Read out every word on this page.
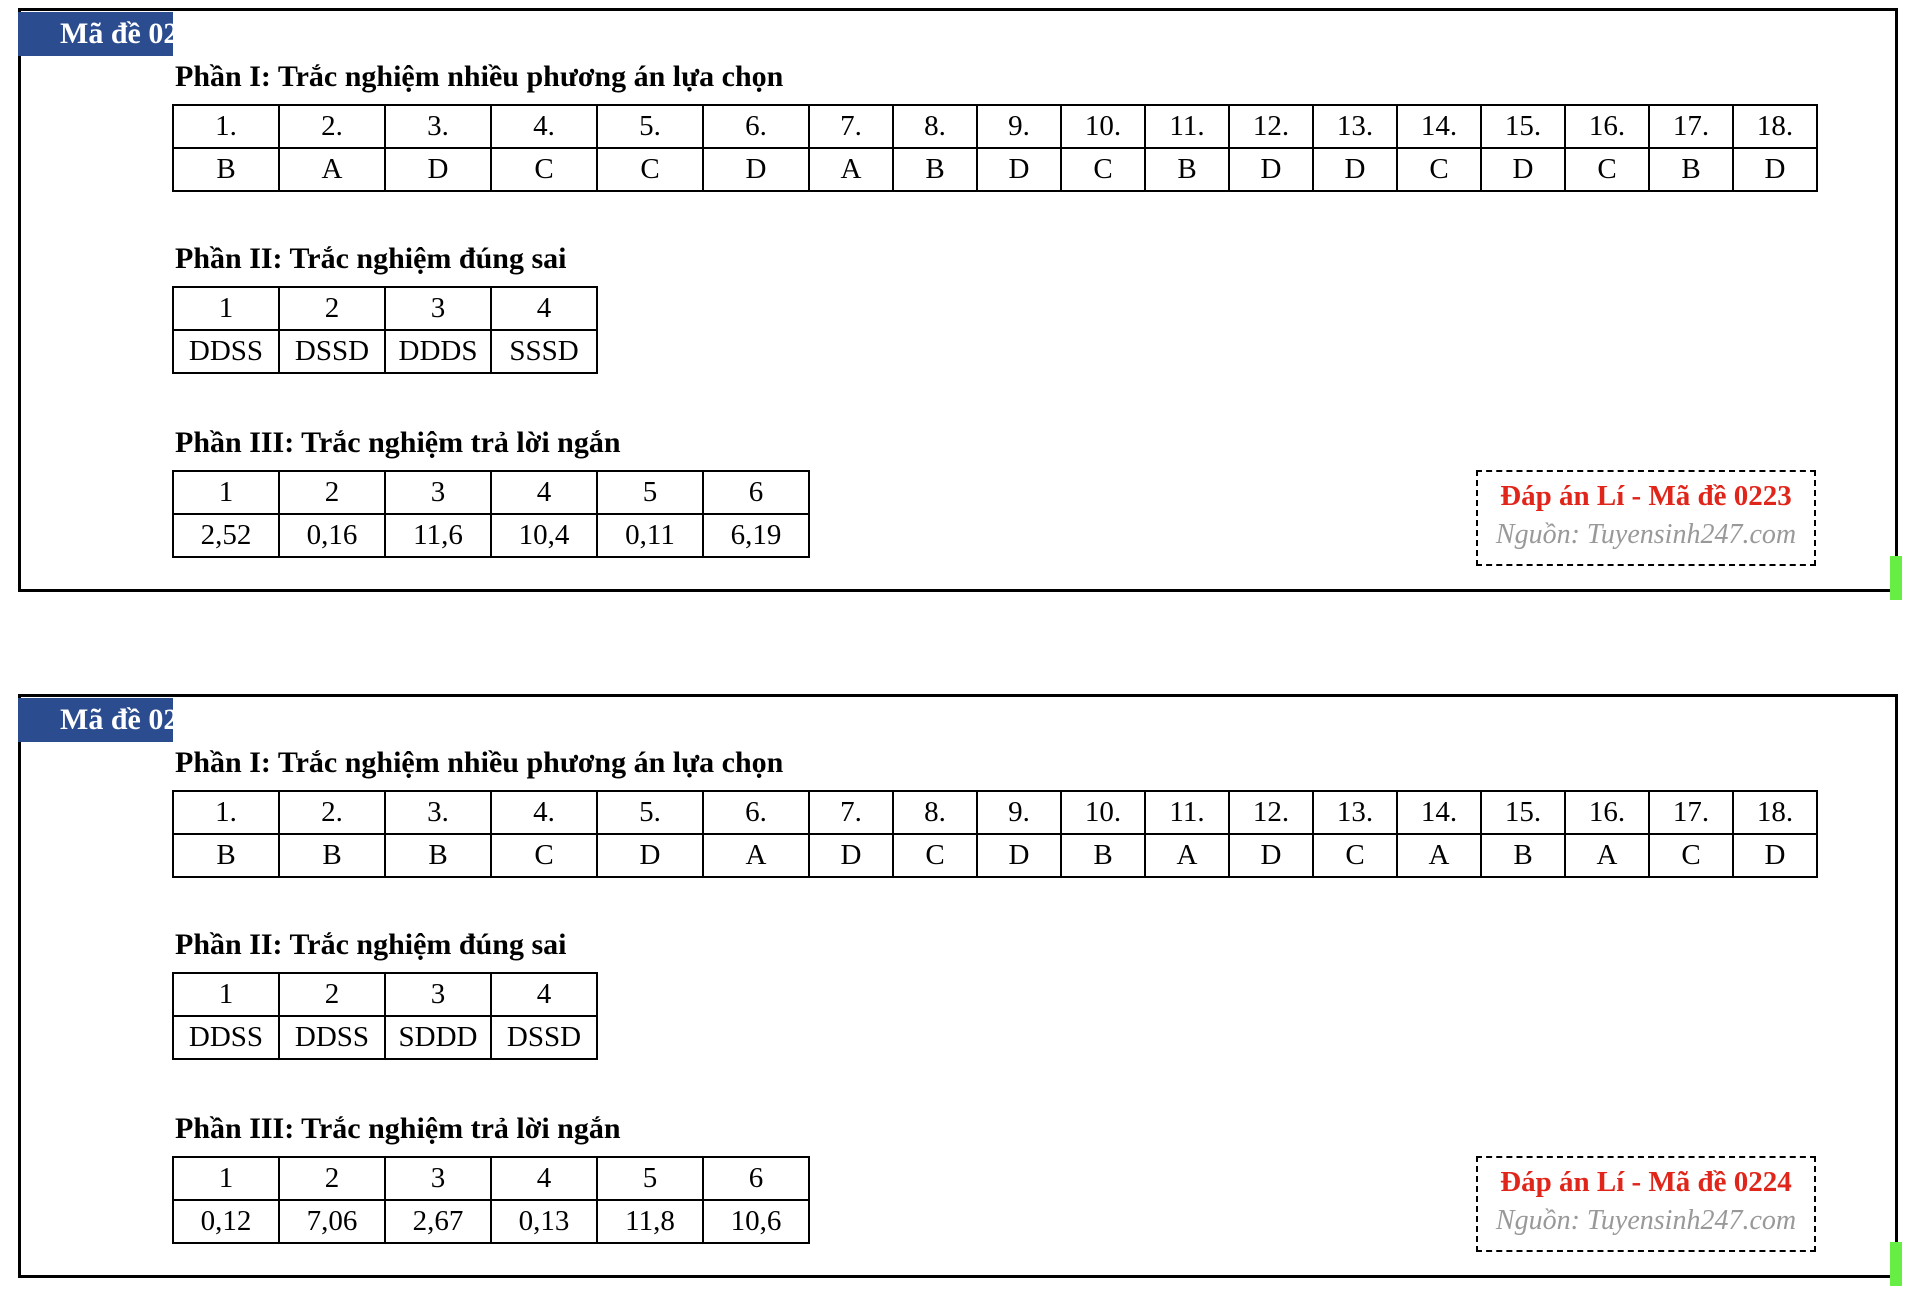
Mã đề 0223
Phần I: Trắc nghiệm nhiều phương án lựa chọn
1.	2.	3.	4.	5.	6.	7.	8.	9.	10.	11.	12.	13.	14.	15.	16.	17.	18.
B	A	D	C	C	D	A	B	D	C	B	D	D	C	D	C	B	D
Phần II: Trắc nghiệm đúng sai
1	2	3	4
DDSS	DSSD	DDDS	SSSD
Phần III: Trắc nghiệm trả lời ngắn
1	2	3	4	5	6
2,52	0,16	11,6	10,4	0,11	6,19
Đáp án Lí - Mã đề 0223
Nguồn: Tuyensinh247.com
Mã đề 0224
Phần I: Trắc nghiệm nhiều phương án lựa chọn
1.	2.	3.	4.	5.	6.	7.	8.	9.	10.	11.	12.	13.	14.	15.	16.	17.	18.
B	B	B	C	D	A	D	C	D	B	A	D	C	A	B	A	C	D
Phần II: Trắc nghiệm đúng sai
1	2	3	4
DDSS	DDSS	SDDD	DSSD
Phần III: Trắc nghiệm trả lời ngắn
1	2	3	4	5	6
0,12	7,06	2,67	0,13	11,8	10,6
Đáp án Lí - Mã đề 0224
Nguồn: Tuyensinh247.com
